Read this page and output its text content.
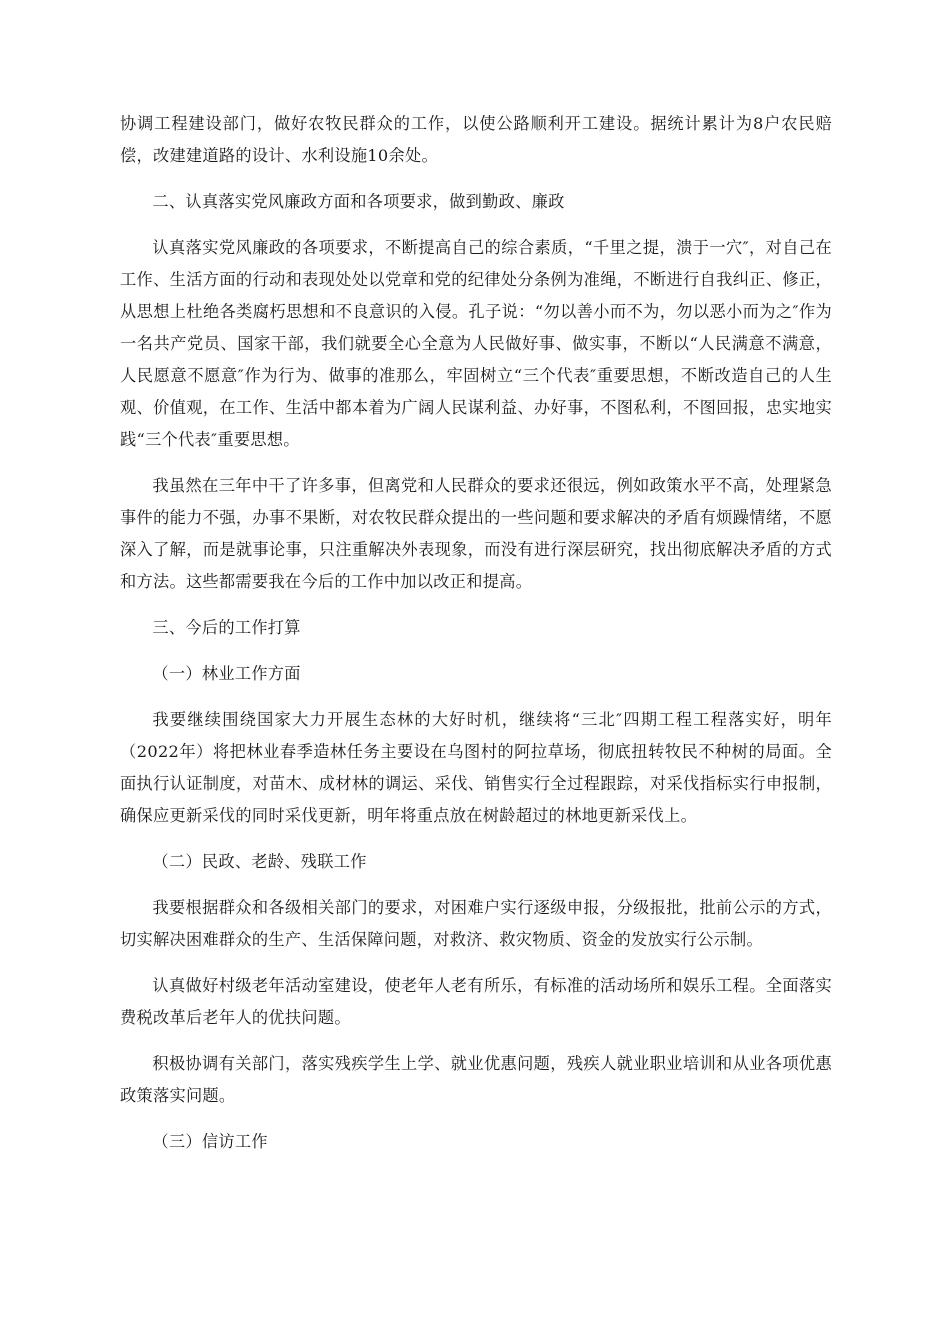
协调工程建设部门，做好农牧民群众的工作，以使公路顺利开工建设。据统计累计为8户农民赔偿，改建建道路的设计、水利设施10余处。

二、认真落实党风廉政方面和各项要求，做到勤政、廉政

认真落实党风廉政的各项要求，不断提高自己的综合素质，“千里之提，溃于一穴″，对自己在工作、生活方面的行动和表现处处以党章和党的纪律处分条例为准绳，不断进行自我纠正、修正，从思想上杜绝各类腐朽思想和不良意识的入侵。孔子说：“勿以善小而不为，勿以恶小而为之″作为一名共产党员、国家干部，我们就要全心全意为人民做好事、做实事，不断以“人民满意不满意，人民愿意不愿意″作为行为、做事的准那么，牢固树立“三个代表″重要思想，不断改造自己的人生观、价值观，在工作、生活中都本着为广阔人民谋利益、办好事，不图私利，不图回报，忠实地实践“三个代表″重要思想。

我虽然在三年中干了许多事，但离党和人民群众的要求还很远，例如政策水平不高，处理紧急事件的能力不强，办事不果断，对农牧民群众提出的一些问题和要求解决的矛盾有烦躁情绪，不愿深入了解，而是就事论事，只注重解决外表现象，而没有进行深层研究，找出彻底解决矛盾的方式和方法。这些都需要我在今后的工作中加以改正和提高。

三、今后的工作打算

（一）林业工作方面

我要继续围绕国家大力开展生态林的大好时机，继续将“三北″四期工程工程落实好，明年（2022年）将把林业春季造林任务主要设在乌图村的阿拉草场，彻底扭转牧民不种树的局面。全面执行认证制度，对苗木、成材林的调运、采伐、销售实行全过程跟踪，对采伐指标实行申报制，确保应更新采伐的同时采伐更新，明年将重点放在树龄超过的林地更新采伐上。

（二）民政、老龄、残联工作

我要根据群众和各级相关部门的要求，对困难户实行逐级申报，分级报批，批前公示的方式，切实解决困难群众的生产、生活保障问题，对救济、救灾物质、资金的发放实行公示制。

认真做好村级老年活动室建设，使老年人老有所乐，有标准的活动场所和娱乐工程。全面落实费税改革后老年人的优扶问题。

积极协调有关部门，落实残疾学生上学、就业优惠问题，残疾人就业职业培训和从业各项优惠政策落实问题。

（三）信访工作
